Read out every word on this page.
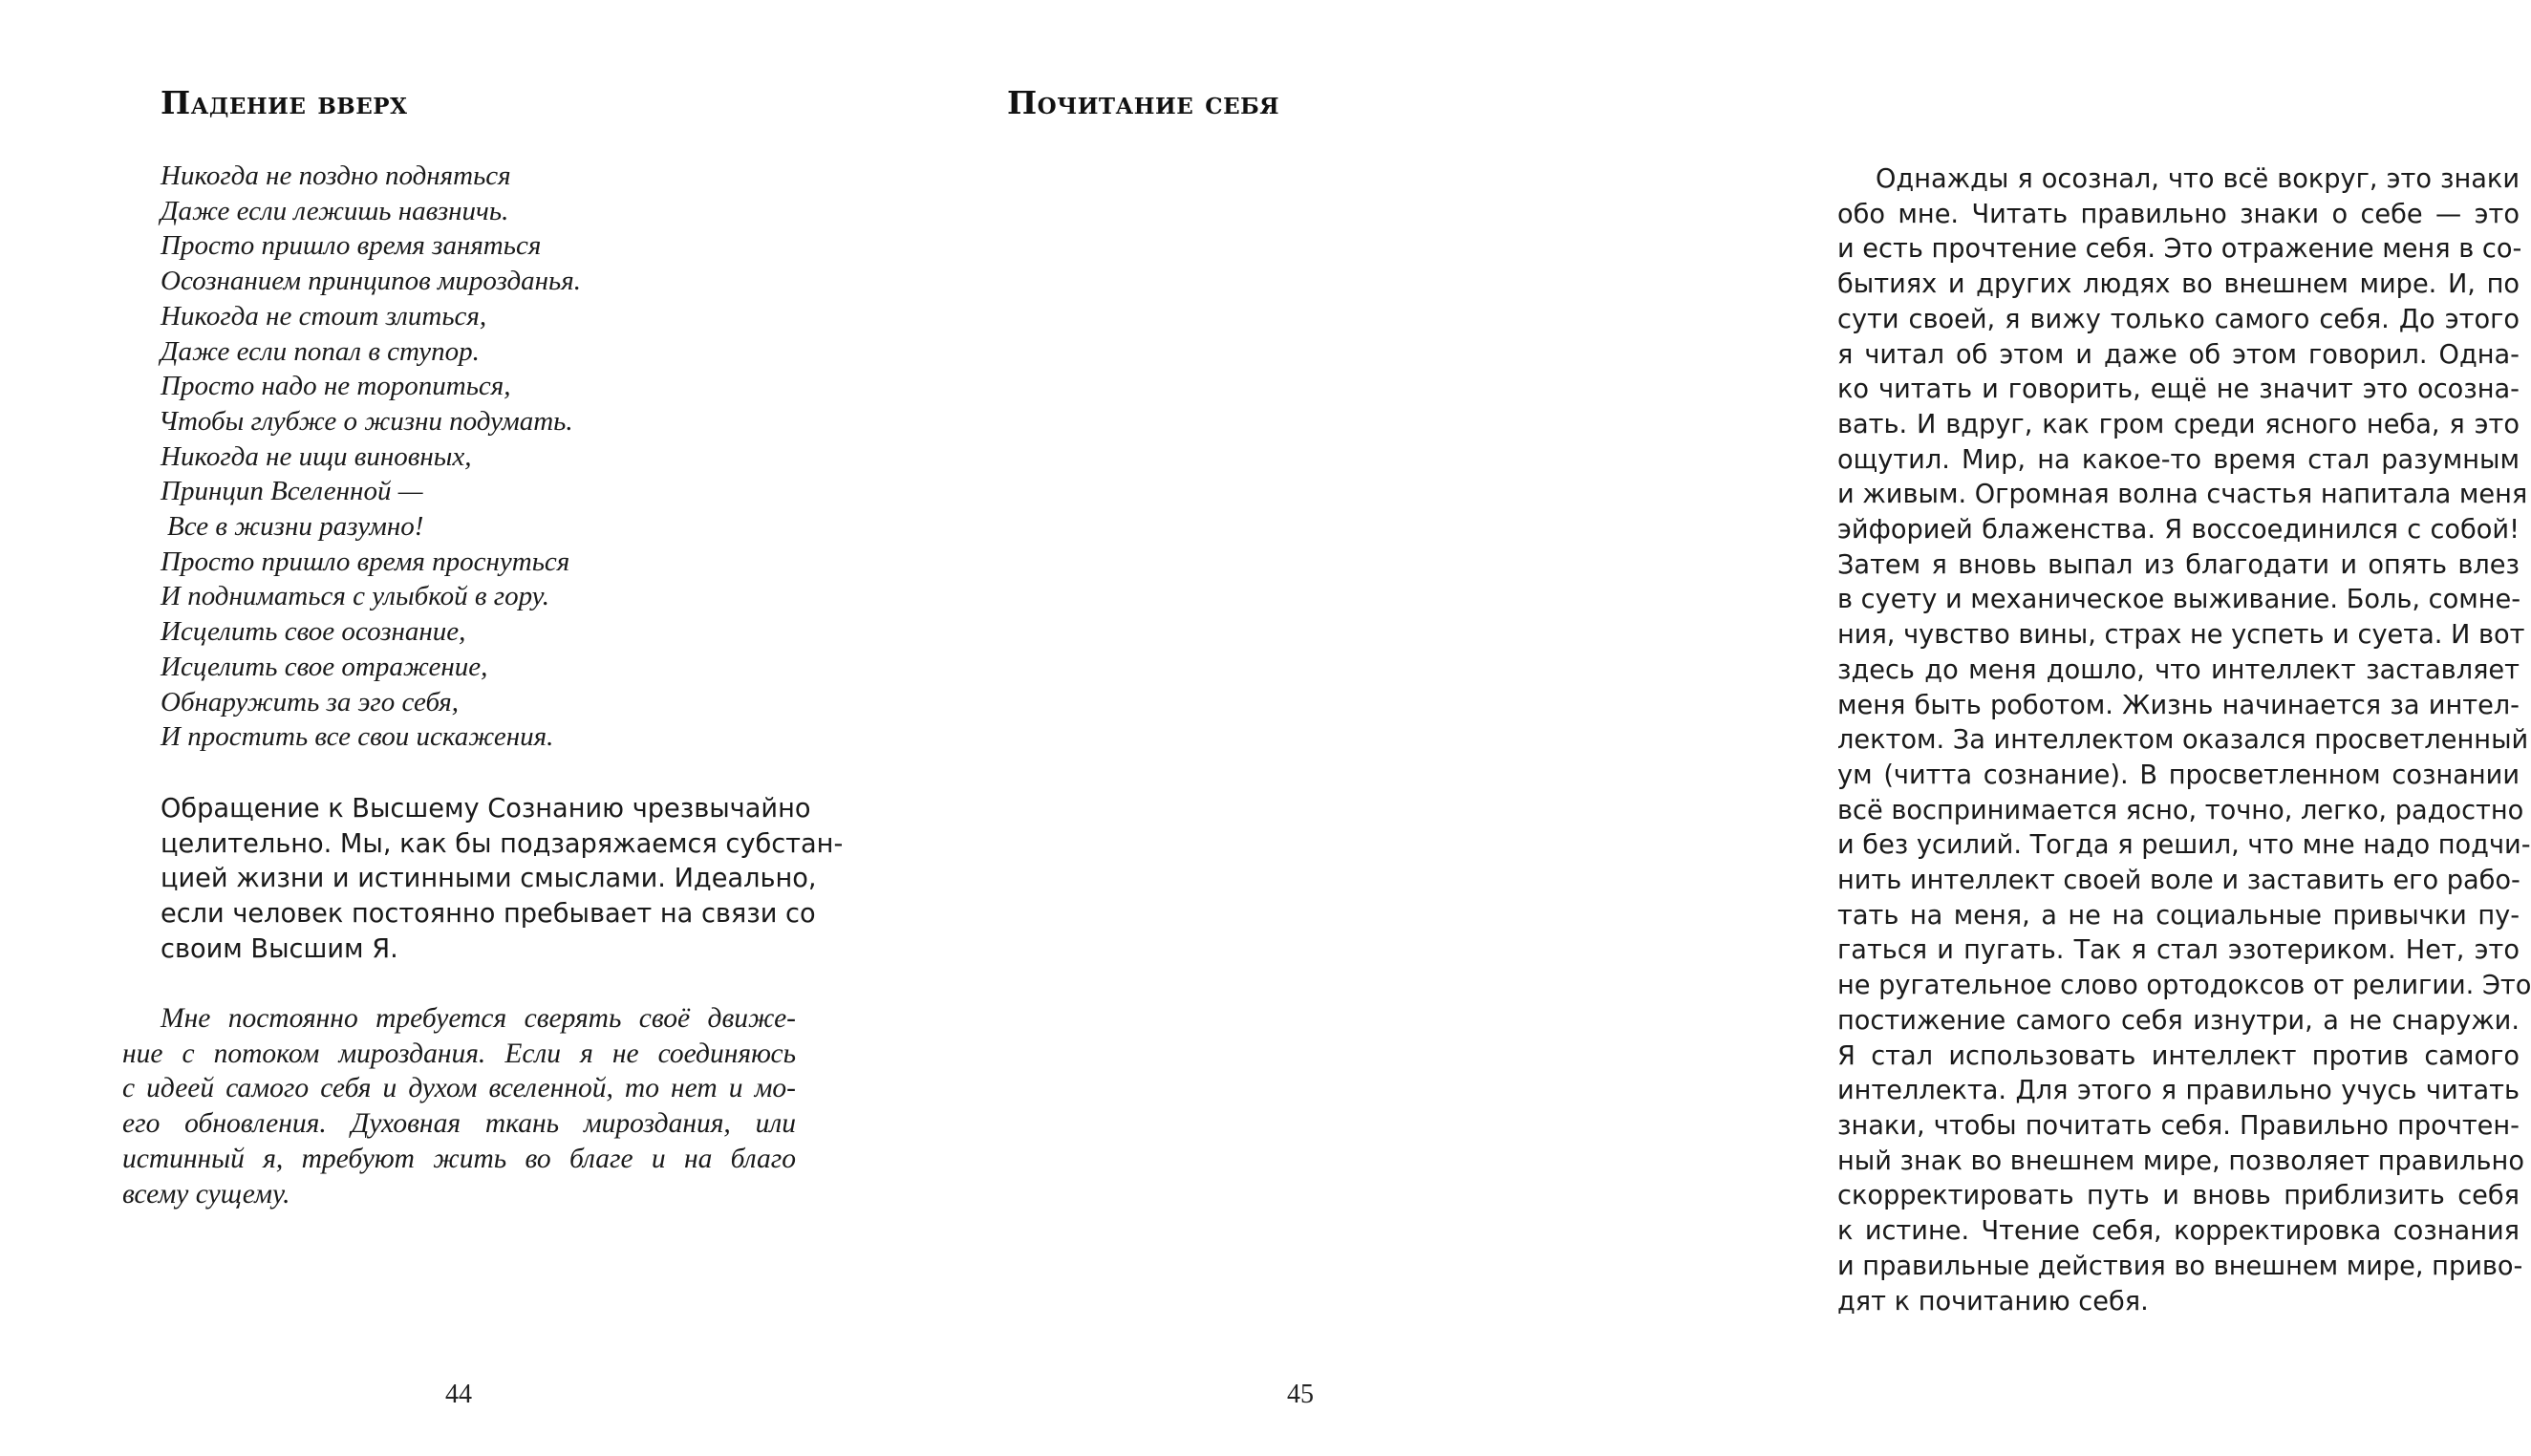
Падение вверх
Никогда не поздно подняться
Даже если лежишь навзничь.
Просто пришло время заняться
Осознанием принципов мирозданья.
Никогда не стоит злиться,
Даже если попал в ступор.
Просто надо не торопиться,
Чтобы глубже о жизни подумать.
Никогда не ищи виновных,
Принцип Вселенной —
Все в жизни разумно!
Просто пришло время проснуться
И подниматься с улыбкой в гору.
Исцелить свое осознание,
Исцелить свое отражение,
Обнаружить за эго себя,
И простить все свои искажения.
Обращение к Высшему Сознанию чрезвычайно
целительно. Мы, как бы подзаряжаемся субстан-
цией жизни и истинными смыслами. Идеально,
если человек постоянно пребывает на связи со
своим Высшим Я.
Мне постоянно требуется сверять своё движе-
ние с потоком мироздания. Если я не соединяюсь
с идеей самого себя и духом вселенной, то нет и мо-
его обновления. Духовная ткань мироздания, или
истинный я, требуют жить во благе и на благо
всему сущему.
44
Почитание себя
Однажды я осознал, что всё вокруг, это знаки
обо мне. Читать правильно знаки о себе — это
и есть прочтение себя. Это отражение меня в со-
бытиях и других людях во внешнем мире. И, по
сути своей, я вижу только самого себя. До этого
я читал об этом и даже об этом говорил. Одна-
ко читать и говорить, ещё не значит это осозна-
вать. И вдруг, как гром среди ясного неба, я это
ощутил. Мир, на какое-то время стал разумным
и живым. Огромная волна счастья напитала меня
эйфорией блаженства. Я воссоединился с собой!
Затем я вновь выпал из благодати и опять влез
в суету и механическое выживание. Боль, сомне-
ния, чувство вины, страх не успеть и суета. И вот
здесь до меня дошло, что интеллект заставляет
меня быть роботом. Жизнь начинается за интел-
лектом. За интеллектом оказался просветленный
ум (читта сознание). В просветленном сознании
всё воспринимается ясно, точно, легко, радостно
и без усилий. Тогда я решил, что мне надо подчи-
нить интеллект своей воле и заставить его рабо-
тать на меня, а не на социальные привычки пу-
гаться и пугать. Так я стал эзотериком. Нет, это
не ругательное слово ортодоксов от религии. Это
постижение самого себя изнутри, а не снаружи.
Я стал использовать интеллект против самого
интеллекта. Для этого я правильно учусь читать
знаки, чтобы почитать себя. Правильно прочтен-
ный знак во внешнем мире, позволяет правильно
скорректировать путь и вновь приблизить себя
к истине. Чтение себя, корректировка сознания
и правильные действия во внешнем мире, приво-
дят к почитанию себя.
45
